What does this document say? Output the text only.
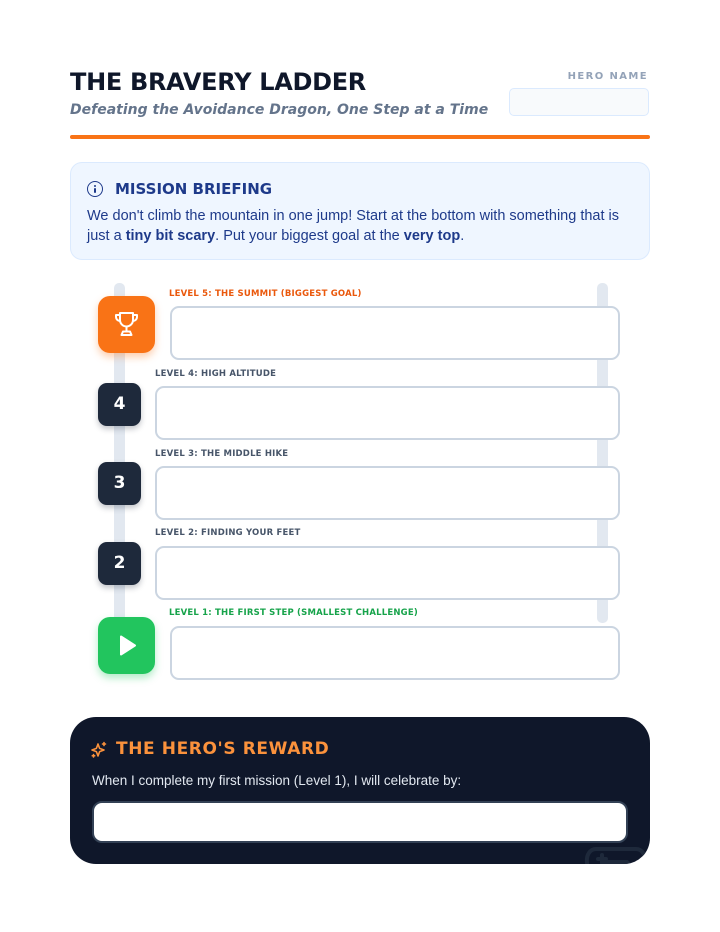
THE BRAVERY LADDER
Defeating the Avoidance Dragon, One Step at a Time
HERO NAME
MISSION BRIEFING

We don't climb the mountain in one jump! Start at the bottom with something that is just a tiny bit scary. Put your biggest goal at the very top.

LEVEL 5: THE SUMMIT (BIGGEST GOAL)
LEVEL 4: HIGH ALTITUDE
4
LEVEL 3: THE MIDDLE HIKE
3
LEVEL 2: FINDING YOUR FEET
2
LEVEL 1: THE FIRST STEP (SMALLEST CHALLENGE)
THE HERO'S REWARD
When I complete my first mission (Level 1), I will celebrate by:
